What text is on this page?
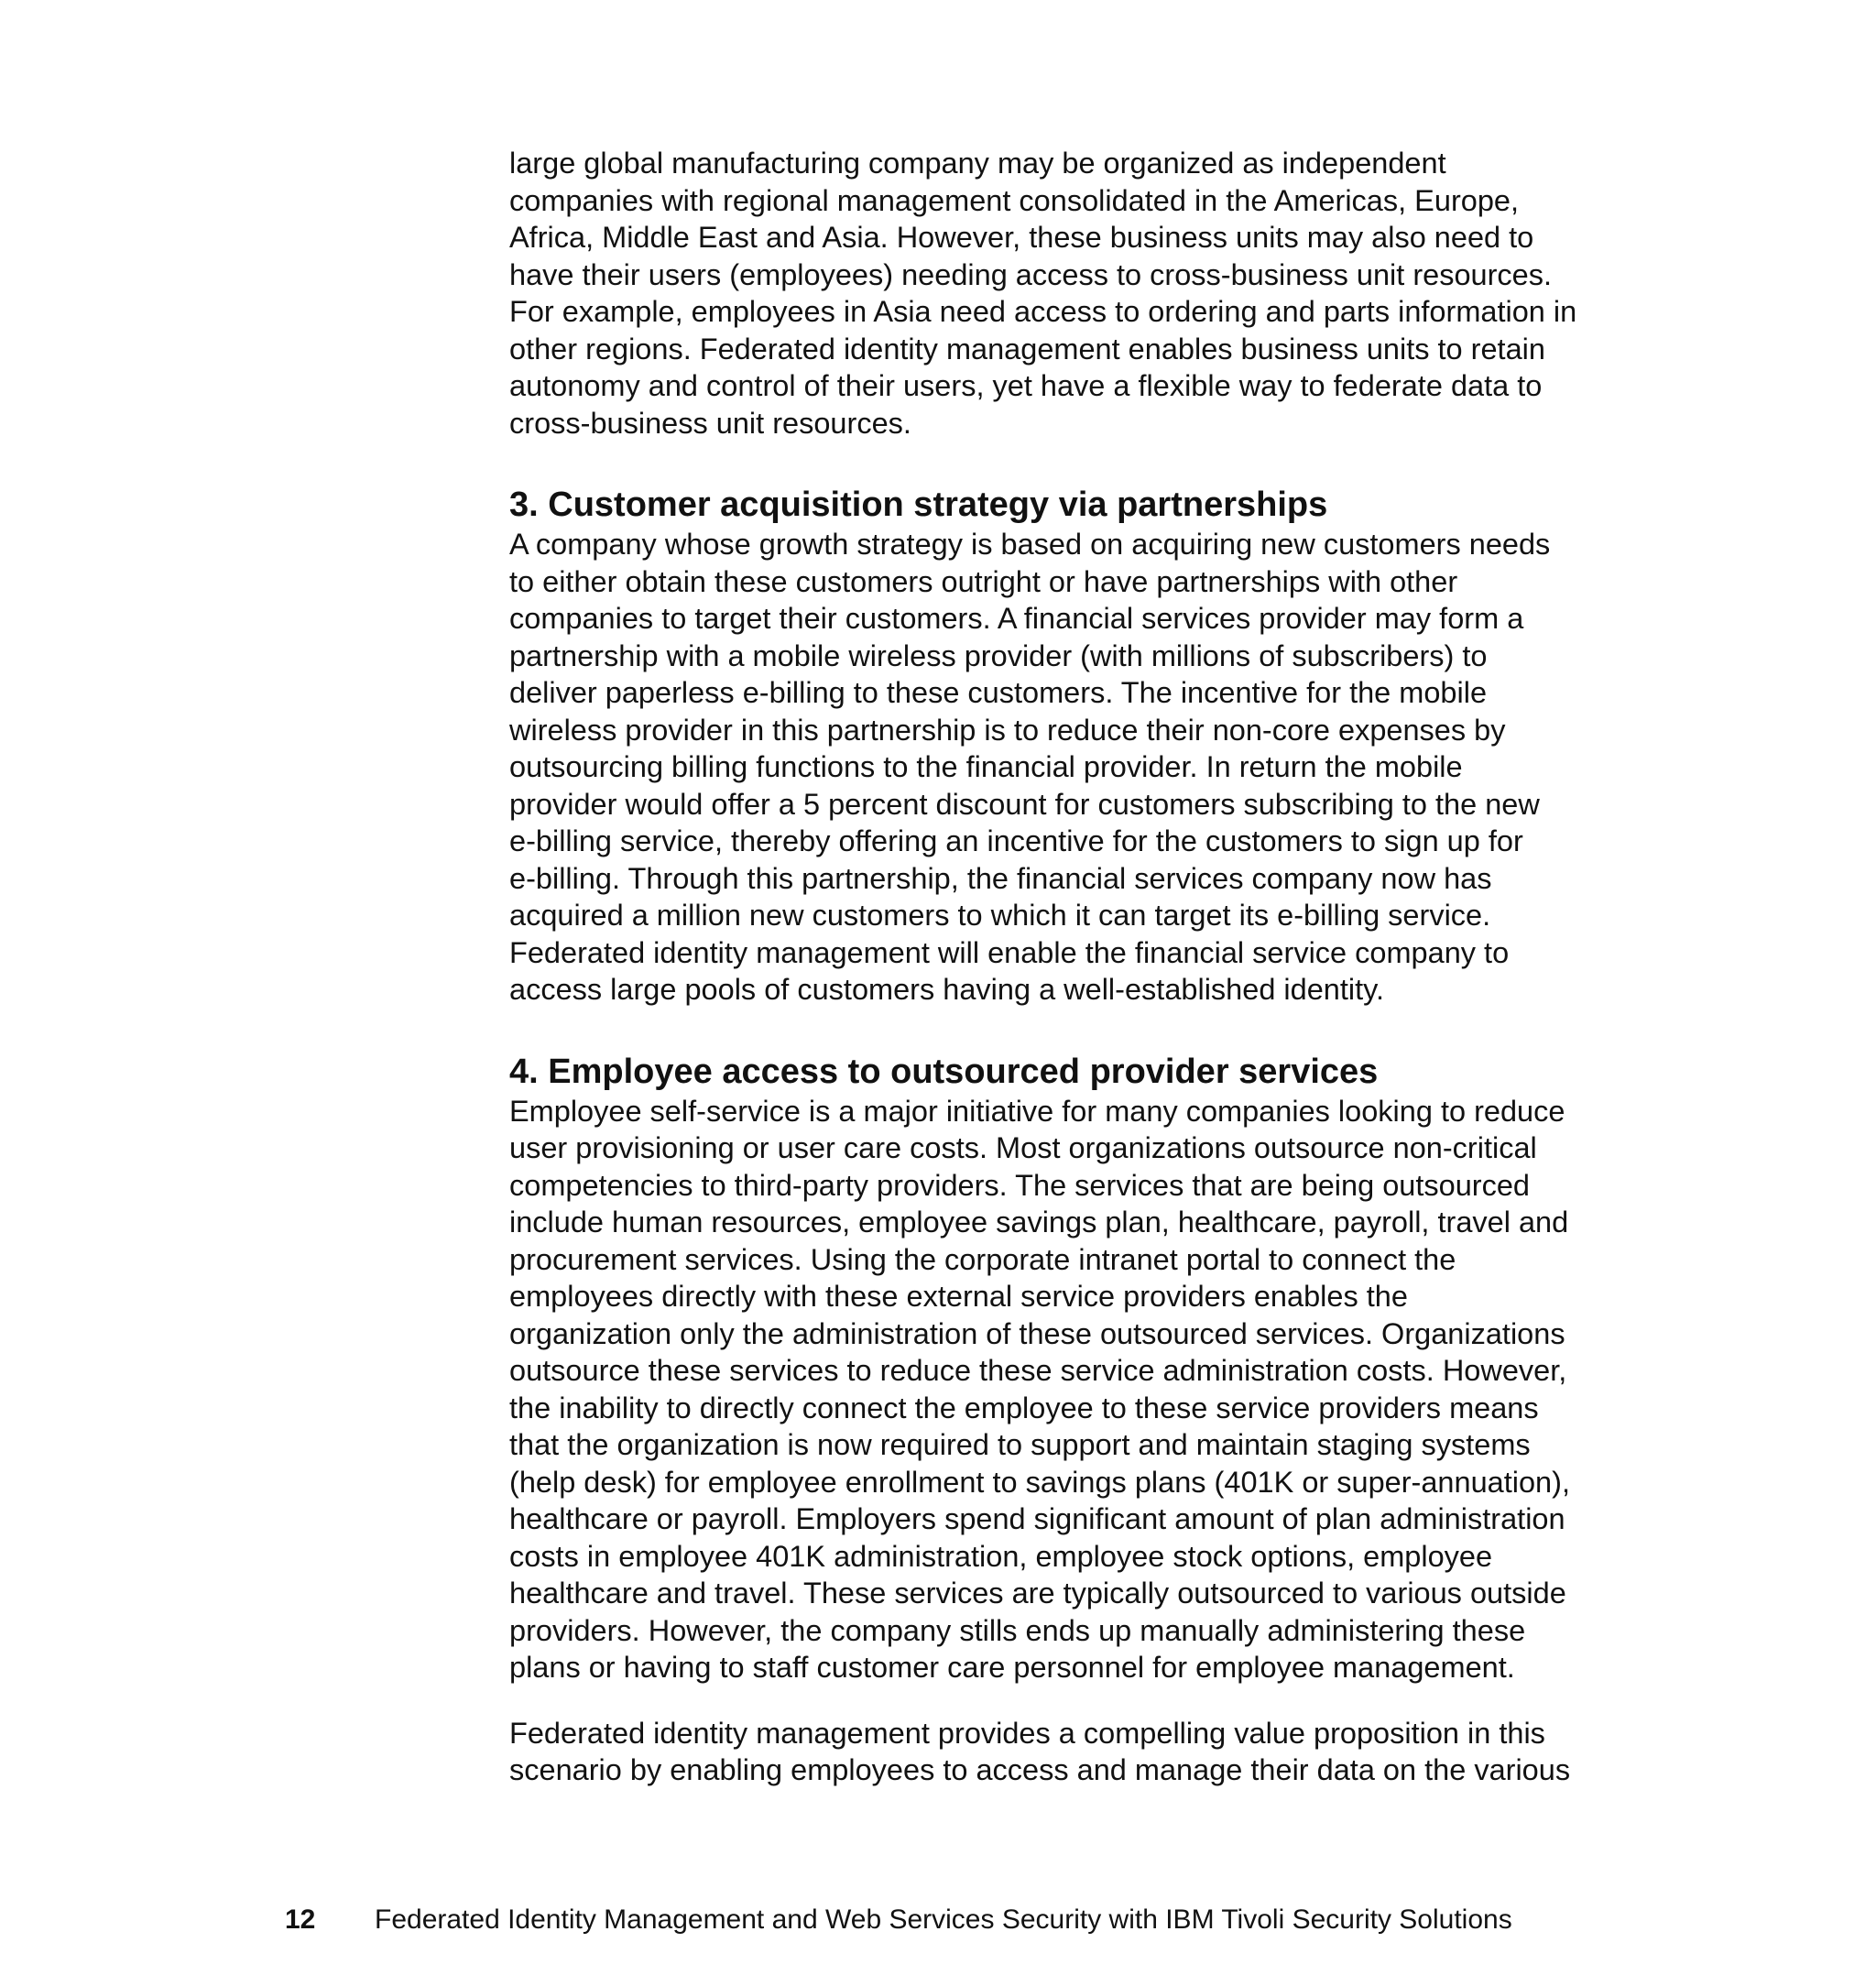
large global manufacturing company may be organized as independent
companies with regional management consolidated in the Americas, Europe,
Africa, Middle East and Asia. However, these business units may also need to
have their users (employees) needing access to cross-business unit resources.
For example, employees in Asia need access to ordering and parts information in
other regions. Federated identity management enables business units to retain
autonomy and control of their users, yet have a flexible way to federate data to
cross-business unit resources.

3. Customer acquisition strategy via partnerships

A company whose growth strategy is based on acquiring new customers needs
to either obtain these customers outright or have partnerships with other
companies to target their customers. A financial services provider may form a
partnership with a mobile wireless provider (with millions of subscribers) to
deliver paperless e-billing to these customers. The incentive for the mobile
wireless provider in this partnership is to reduce their non-core expenses by
outsourcing billing functions to the financial provider. In return the mobile
provider would offer a 5 percent discount for customers subscribing to the new
e-billing service, thereby offering an incentive for the customers to sign up for
e-billing. Through this partnership, the financial services company now has
acquired a million new customers to which it can target its e-billing service.
Federated identity management will enable the financial service company to
access large pools of customers having a well-established identity.

4. Employee access to outsourced provider services

Employee self-service is a major initiative for many companies looking to reduce
user provisioning or user care costs. Most organizations outsource non-critical
competencies to third-party providers. The services that are being outsourced
include human resources, employee savings plan, healthcare, payroll, travel and
procurement services. Using the corporate intranet portal to connect the
employees directly with these external service providers enables the
organization only the administration of these outsourced services. Organizations
outsource these services to reduce these service administration costs. However,
the inability to directly connect the employee to these service providers means
that the organization is now required to support and maintain staging systems
(help desk) for employee enrollment to savings plans (401K or super-annuation),
healthcare or payroll. Employers spend significant amount of plan administration
costs in employee 401K administration, employee stock options, employee
healthcare and travel. These services are typically outsourced to various outside
providers. However, the company stills ends up manually administering these
plans or having to staff customer care personnel for employee management.

Federated identity management provides a compelling value proposition in this
scenario by enabling employees to access and manage their data on the various

12 Federated Identity Management and Web Services Security with IBM Tivoli Security Solutions
